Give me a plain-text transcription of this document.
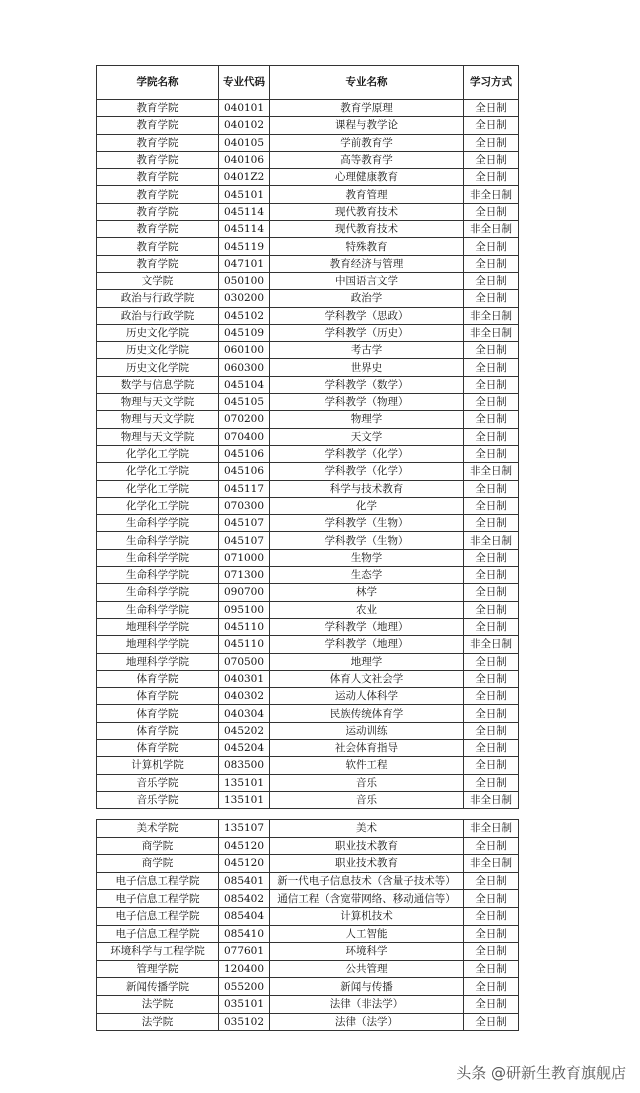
学院名称	专业代码	专业名称	学习方式
教育学院	040101	教育学原理	全日制
教育学院	040102	课程与教学论	全日制
教育学院	040105	学前教育学	全日制
教育学院	040106	高等教育学	全日制
教育学院	0401Z2	心理健康教育	全日制
教育学院	045101	教育管理	非全日制
教育学院	045114	现代教育技术	全日制
教育学院	045114	现代教育技术	非全日制
教育学院	045119	特殊教育	全日制
教育学院	047101	教育经济与管理	全日制
文学院	050100	中国语言文学	全日制
政治与行政学院	030200	政治学	全日制
政治与行政学院	045102	学科教学（思政）	非全日制
历史文化学院	045109	学科教学（历史）	非全日制
历史文化学院	060100	考古学	全日制
历史文化学院	060300	世界史	全日制
数学与信息学院	045104	学科教学（数学）	全日制
物理与天文学院	045105	学科教学（物理）	全日制
物理与天文学院	070200	物理学	全日制
物理与天文学院	070400	天文学	全日制
化学化工学院	045106	学科教学（化学）	全日制
化学化工学院	045106	学科教学（化学）	非全日制
化学化工学院	045117	科学与技术教育	全日制
化学化工学院	070300	化学	全日制
生命科学学院	045107	学科教学（生物）	全日制
生命科学学院	045107	学科教学（生物）	非全日制
生命科学学院	071000	生物学	全日制
生命科学学院	071300	生态学	全日制
生命科学学院	090700	林学	全日制
生命科学学院	095100	农业	全日制
地理科学学院	045110	学科教学（地理）	全日制
地理科学学院	045110	学科教学（地理）	非全日制
地理科学学院	070500	地理学	全日制
体育学院	040301	体育人文社会学	全日制
体育学院	040302	运动人体科学	全日制
体育学院	040304	民族传统体育学	全日制
体育学院	045202	运动训练	全日制
体育学院	045204	社会体育指导	全日制
计算机学院	083500	软件工程	全日制
音乐学院	135101	音乐	全日制
音乐学院	135101	音乐	非全日制
美术学院	135107	美术	非全日制
商学院	045120	职业技术教育	全日制
商学院	045120	职业技术教育	非全日制
电子信息工程学院	085401	新一代电子信息技术（含量子技术等）	全日制
电子信息工程学院	085402	通信工程（含宽带网络、移动通信等）	全日制
电子信息工程学院	085404	计算机技术	全日制
电子信息工程学院	085410	人工智能	全日制
环境科学与工程学院	077601	环境科学	全日制
管理学院	120400	公共管理	全日制
新闻传播学院	055200	新闻与传播	全日制
法学院	035101	法律（非法学）	全日制
法学院	035102	法律（法学）	全日制
头条 @研新生教育旗舰店
